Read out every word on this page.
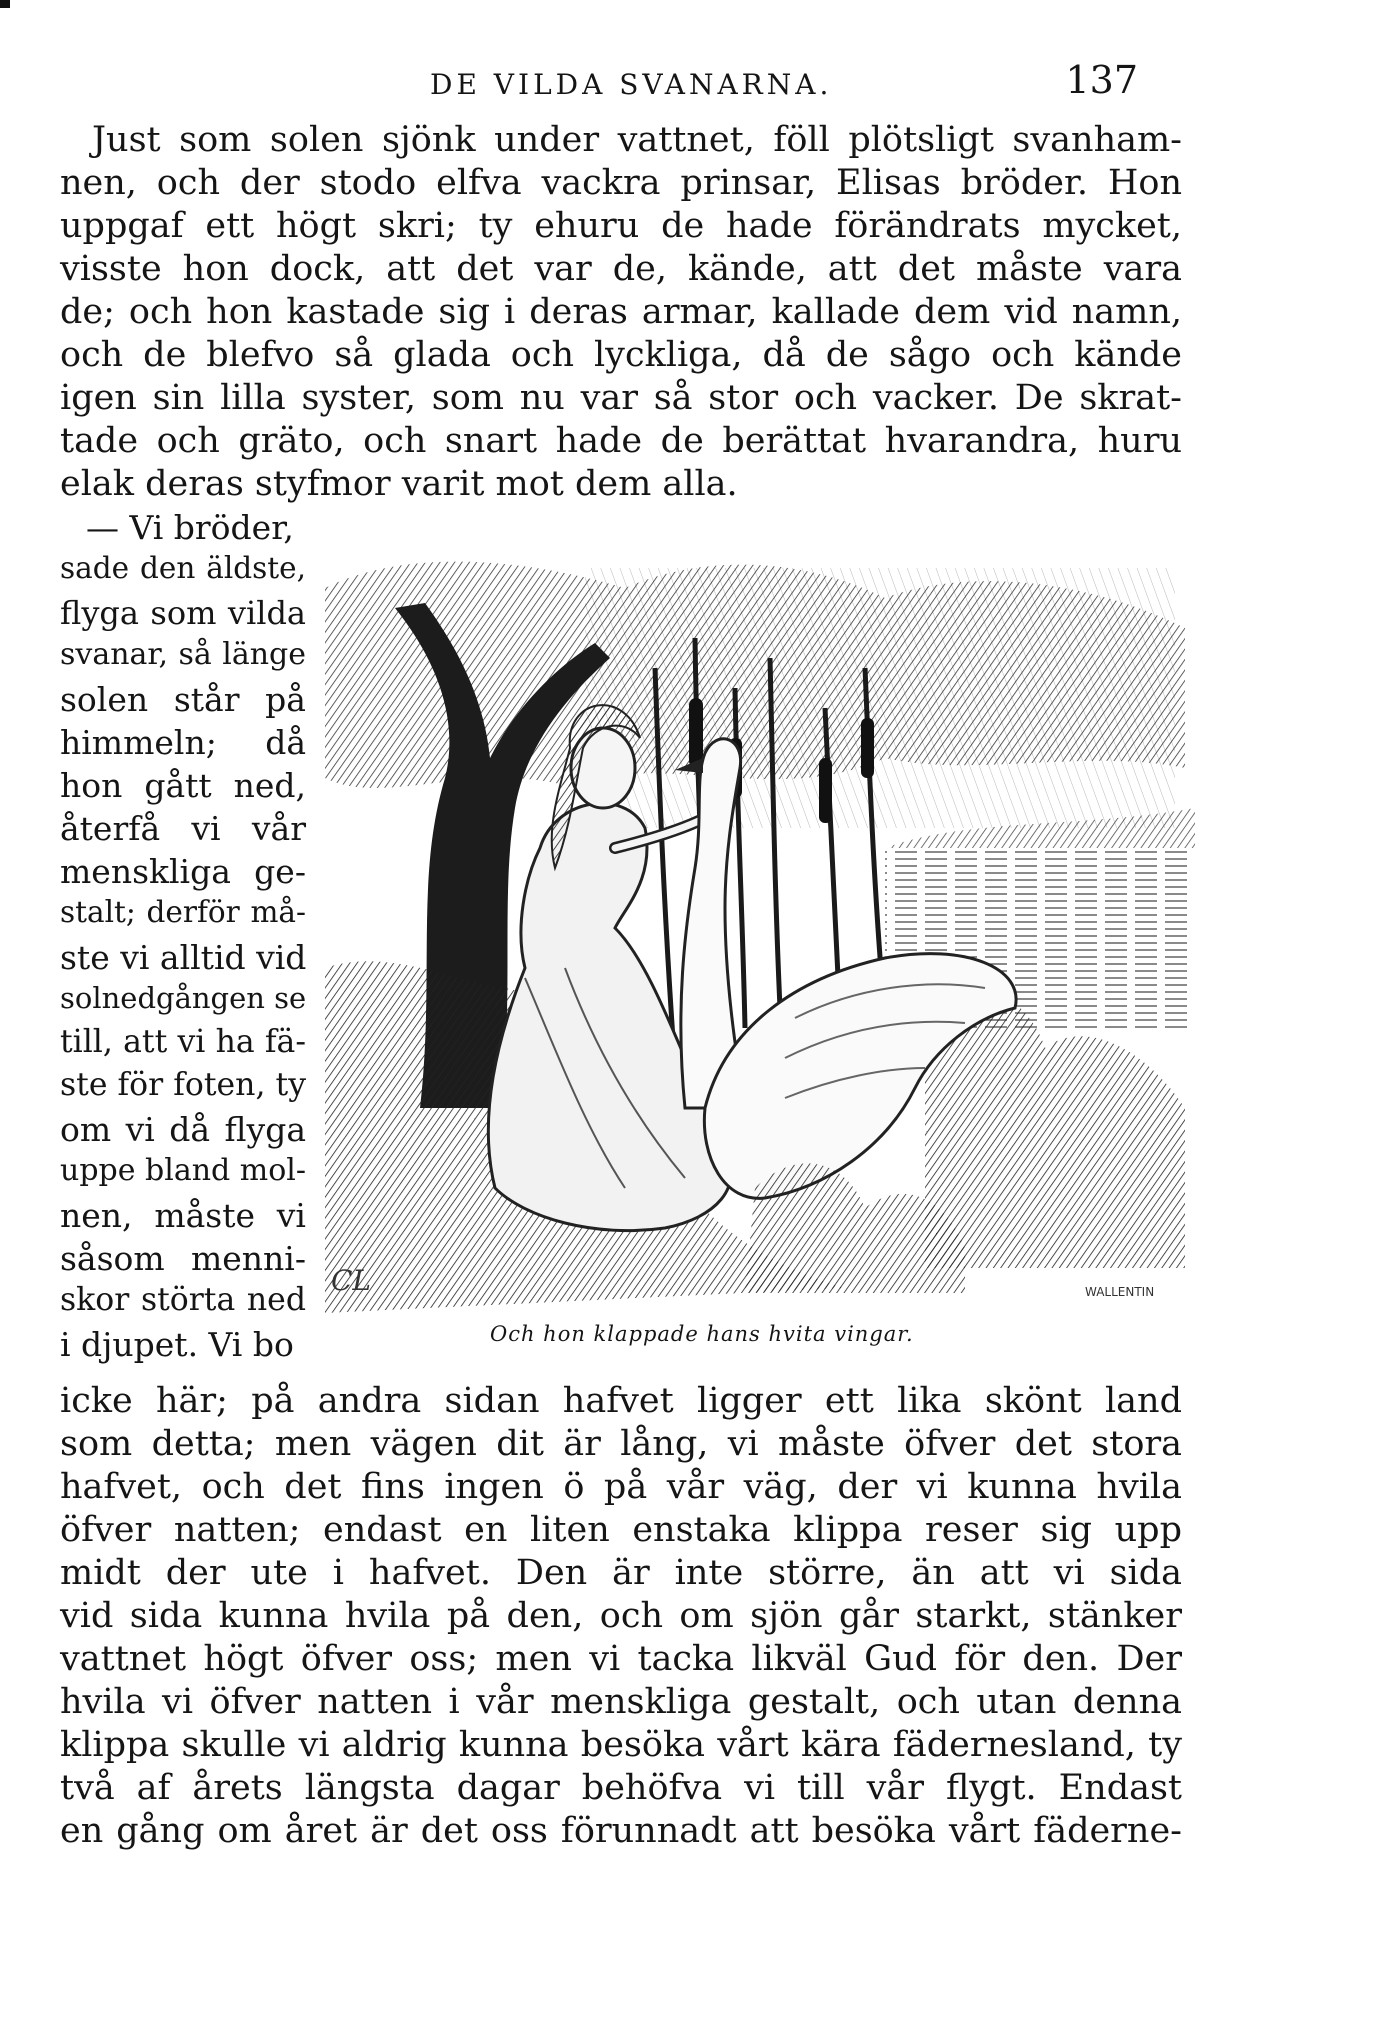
DE VILDA SVANARNA.	137

Just som solen sjönk under vattnet, föll plötsligt svanham-

nen, och der stodo elfva vackra prinsar, Elisas bröder. Hon

uppgaf ett högt skri; ty ehuru de hade förändrats mycket,

visste hon dock, att det var de, kände, att det måste vara

de; och hon kastade sig i deras armar, kallade dem vid namn,

och de blefvo så glada och lyckliga, då de sågo och kände

igen sin lilla syster, som nu var så stor och vacker. De skrat-

tade och gräto, och snart hade de berättat hvarandra, huru

elak deras styfmor varit mot dem alla.

— Vi bröder,

sade den äldste,

flyga som vilda

svanar, så länge

solen står på

himmeln; då

hon gått ned,

återfå vi vår

menskliga ge-

stalt; derför må-

ste vi alltid vid

solnedgången se

till, att vi ha fä-

ste för foten, ty

om vi då flyga

uppe bland mol-

nen, måste vi

såsom menni-

skor störta ned

i djupet. Vi bo

CL	WALLENTIN
Och hon klappade hans hvita vingar.

icke här; på andra sidan hafvet ligger ett lika skönt land

som detta; men vägen dit är lång, vi måste öfver det stora

hafvet, och det fins ingen ö på vår väg, der vi kunna hvila

öfver natten; endast en liten enstaka klippa reser sig upp

midt der ute i hafvet. Den är inte större, än att vi sida

vid sida kunna hvila på den, och om sjön går starkt, stänker

vattnet högt öfver oss; men vi tacka likväl Gud för den. Der

hvila vi öfver natten i vår menskliga gestalt, och utan denna

klippa skulle vi aldrig kunna besöka vårt kära fädernesland, ty

två af årets längsta dagar behöfva vi till vår flygt. Endast

en gång om året är det oss förunnadt att besöka vårt fäderne-
